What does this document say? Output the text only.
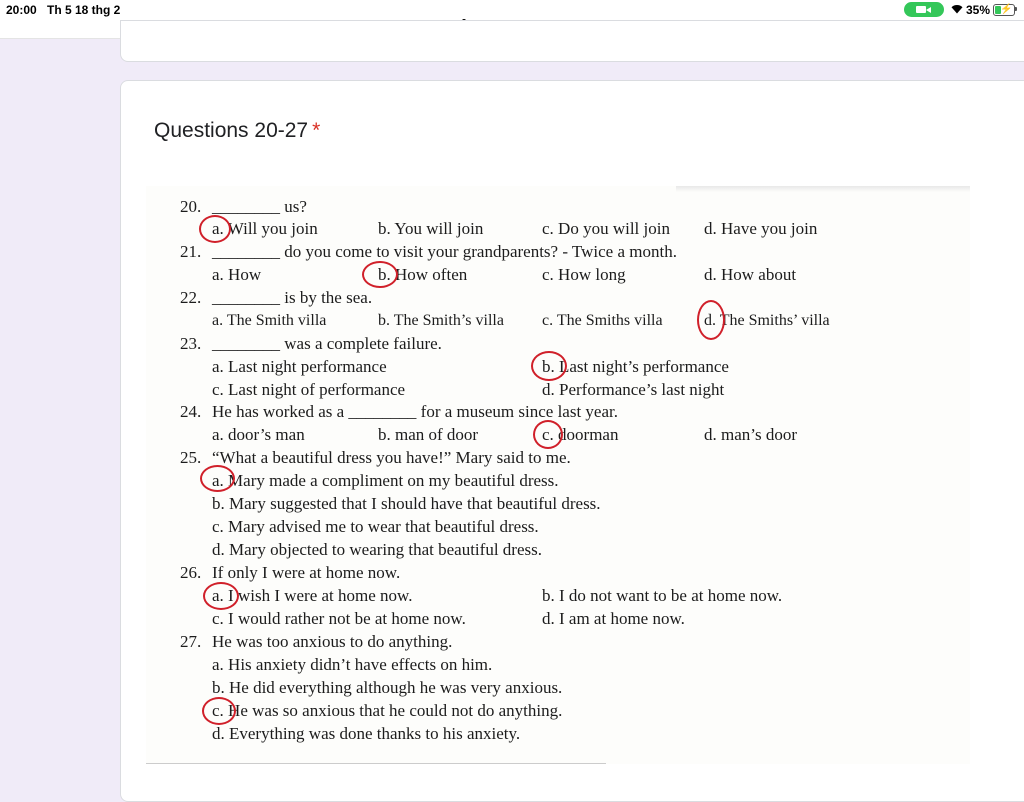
20:00 Th 5 18 thg 2	35% ⚡
Questions 20-27 *
20. ________ us?
a. Will you join	b. You will join	c. Do you will join d. Have you join
21. ________ do you come to visit your grandparents? - Twice a month.
a. How	b. How often	c. How long	d. How about
22. ________ is by the sea.
a. The Smith villa	b. The Smith’s villa c. The Smiths villa	d. The Smiths’ villa
23. ________ was a complete failure.
a. Last night performance	b. Last night’s performance
c. Last night of performance	d. Performance’s last night
24. He has worked as a ________ for a museum since last year.
a. door’s man	b. man of door	c. doorman	d. man’s door
25. “What a beautiful dress you have!” Mary said to me.
a. Mary made a compliment on my beautiful dress.
b. Mary suggested that I should have that beautiful dress.
c. Mary advised me to wear that beautiful dress.
d. Mary objected to wearing that beautiful dress.
26. If only I were at home now.
a. I wish I were at home now.	b. I do not want to be at home now.
c. I would rather not be at home now.	d. I am at home now.
27. He was too anxious to do anything.
a. His anxiety didn’t have effects on him.
b. He did everything although he was very anxious.
c. He was so anxious that he could not do anything.
d. Everything was done thanks to his anxiety.
